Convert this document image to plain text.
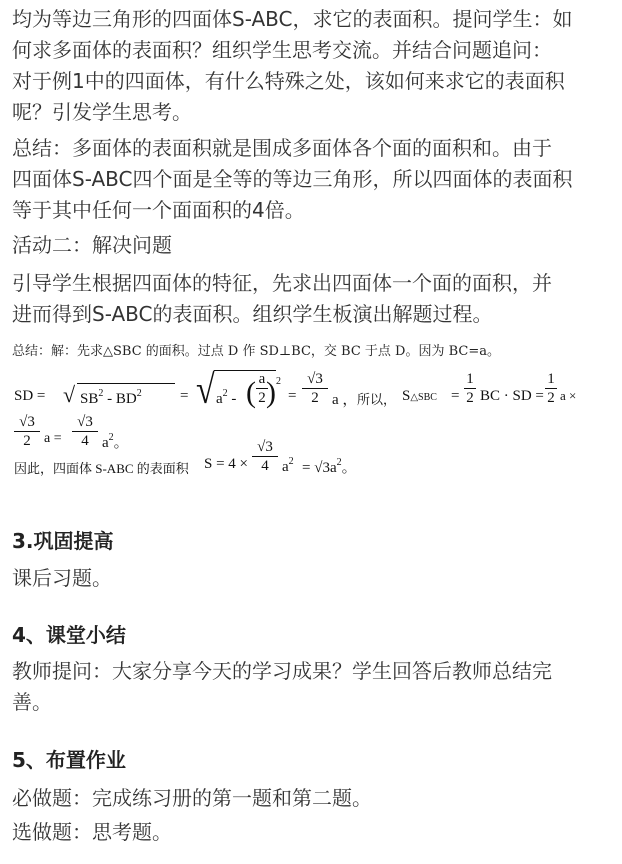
均为等边三角形的四面体S-ABC，求它的表面积。提问学生：如
何求多面体的表面积？组织学生思考交流。并结合问题追问：
对于例1中的四面体，有什么特殊之处，该如何来求它的表面积
呢？引发学生思考。
总结：多面体的表面积就是围成多面体各个面的面积和。由于
四面体S-ABC四个面是全等的等边三角形，所以四面体的表面积
等于其中任何一个面面积的4倍。
活动二：解决问题
引导学生根据四面体的特征，先求出四面体一个面的面积，并
进而得到S-ABC的表面积。组织学生板演出解题过程。
总结：解：先求△SBC 的面积。过点 D 作 SD⊥BC，交 BC 于点 D。因为 BC=a。
SD = √ $SB^2 - BD^2$	= √ $a^2$ - ( a
2 ) 2
=
√3
2 a ， 所以， S△SBC =
1
2 BC · SD =
1
2 a ×
√3
2 a =
√3
4 $a^2$。
因此，四面体 S-ABC 的表面积 S = 4 ×
√3
4 $a^2 = √3a^2$。
3.巩固提高
课后习题。
4、课堂小结
教师提问：大家分享今天的学习成果？学生回答后教师总结完
善。
5、布置作业
必做题：完成练习册的第一题和第二题。
选做题：思考题。
